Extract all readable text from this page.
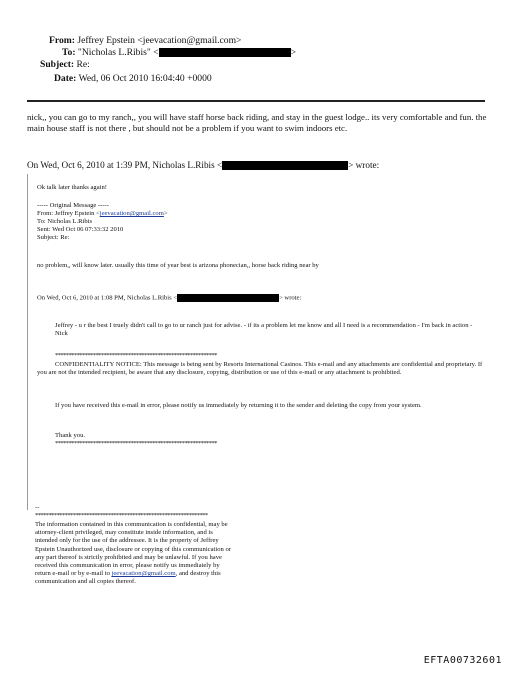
From: Jeffrey Epstein <jeevacation@gmail.com>
To: "Nicholas L.Ribis" <	>
Subject: Re:
Date: Wed, 06 Oct 2010 16:04:40 +0000
nick,, you can go to my ranch,, you will have staff horse back riding, and stay in the guest lodge.. its very comfortable and fun. the main house staff is not there , but should not be a problem if you want to swim indoors etc.
On Wed, Oct 6, 2010 at 1:39 PM, Nicholas L.Ribis <	> wrote:
Ok talk later thanks again!
----- Original Message -----
From: Jeffrey Epstein <jeevacation@gmail.com>
To: Nicholas L.Ribis
Sent: Wed Oct 06 07:33:32 2010
Subject: Re:
no problem,, will know later. usually this time of year best is arizona phonecian,, horse back riding near by
On Wed, Oct 6, 2010 at 1:08 PM, Nicholas L.Ribis <	> wrote:
Jeffrey - u r the best I truely didn't call to go to ur ranch just for advise. - if its a problem let me know and all I need is a recommendation - I'm back in action - Nick
************************************************************
CONFIDENTIALITY NOTICE: This message is being sent by Resorts International Casinos. This e-mail and any attachments are confidential and proprietary. If you are not the intended recipient, be aware that any disclosure, copying, distribution or use of this e-mail or any attachment is prohibited.
If you have received this e-mail in error, please notify us immediately by returning it to the sender and deleting the copy from your system.
Thank you.
************************************************************
--
****************************************************************
The information contained in this communication is confidential, may be attorney-client privileged, may constitute inside information, and is intended only for the use of the addressee. It is the property of Jeffrey Epstein Unauthorized use, disclosure or copying of this communication or any part thereof is strictly prohibited and may be unlawful. If you have received this communication in error, please notify us immediately by return e-mail or by e-mail to jeevacation@gmail.com, and destroy this communication and all copies thereof.
EFTA00732601
